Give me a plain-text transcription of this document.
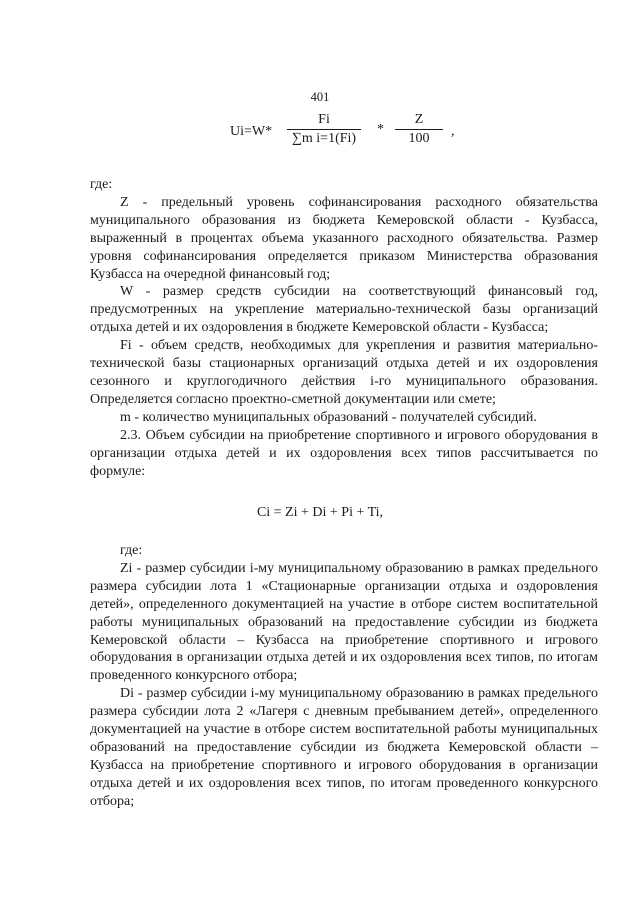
401
Ui=W*
Fi
∑m i=1(Fi)
*
Z
100	,

где:

Z - предельный уровень софинансирования расходного обязательства муниципального образования из бюджета Кемеровской области - Кузбасса, выраженный в процентах объема указанного расходного обязательства. Размер уровня софинансирования определяется приказом Министерства образования Кузбасса на очередной финансовый год;

W - размер средств субсидии на соответствующий финансовый год, предусмотренных на укрепление материально-технической базы организаций отдыха детей и их оздоровления в бюджете Кемеровской области - Кузбасса;

Fi - объем средств, необходимых для укрепления и развития материально-технической базы стационарных организаций отдыха детей и их оздоровления сезонного и круглогодичного действия i-го муниципального образования. Определяется согласно проектно-сметной документации или смете;

m - количество муниципальных образований - получателей субсидий.

2.3. Объем субсидии на приобретение спортивного и игрового оборудования в организации отдыха детей и их оздоровления всех типов рассчитывается по формуле:

Ci = Zi + Di + Pi + Ti,

где:

Zi - размер субсидии i-му муниципальному образованию в рамках предельного размера субсидии лота 1 «Стационарные организации отдыха и оздоровления детей», определенного документацией на участие в отборе систем воспитательной работы муниципальных образований на предоставление субсидии из бюджета Кемеровской области – Кузбасса на приобретение спортивного и игрового оборудования в организации отдыха детей и их оздоровления всех типов, по итогам проведенного конкурсного отбора;

Di - размер субсидии i-му муниципальному образованию в рамках предельного размера субсидии лота 2 «Лагеря с дневным пребыванием детей», определенного документацией на участие в отборе систем воспитательной работы муниципальных образований на предоставление субсидии из бюджета Кемеровской области – Кузбасса на приобретение спортивного и игрового оборудования в организации отдыха детей и их оздоровления всех типов, по итогам проведенного конкурсного отбора;
